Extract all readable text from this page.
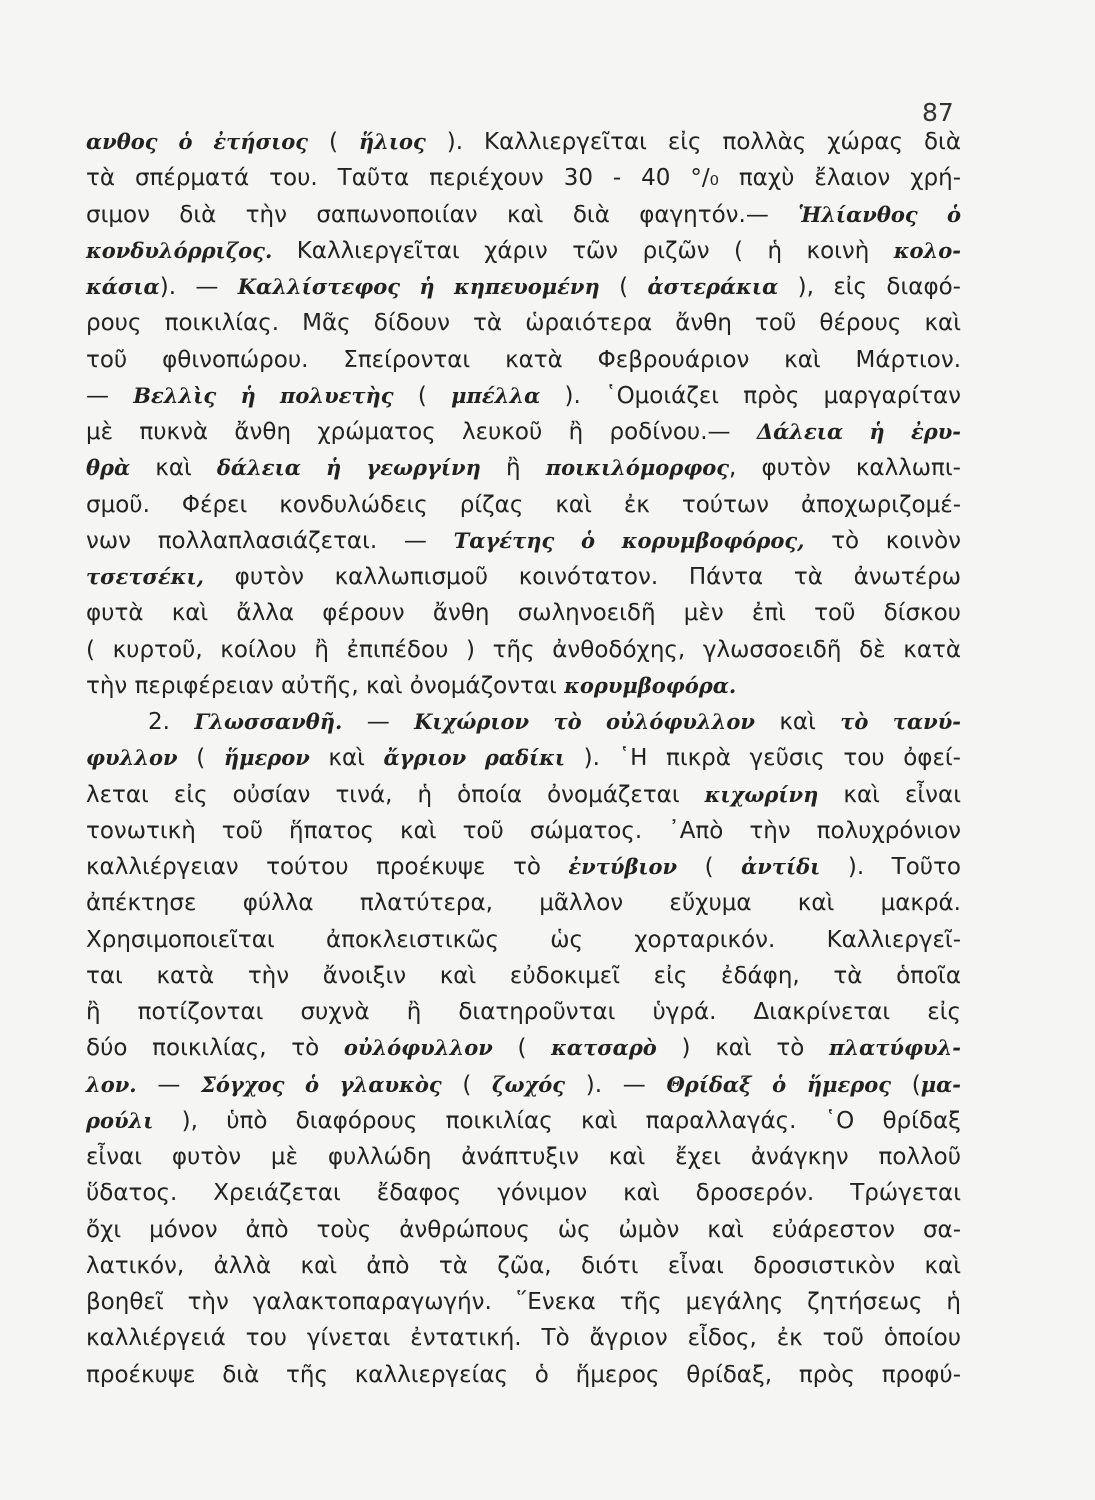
87
ανθος ὁ ἐτήσιος ( ἥλιος ). Καλλιεργεῖται εἰς πολλὰς χώρας διὰ
τὰ σπέρματά του. Ταῦτα περιέχουν 30 - 40 °/₀ παχὺ ἔλαιον χρή-
σιμον διὰ τὴν σαπωνοποιίαν καὶ διὰ φαγητόν.— Ἡλίανθος ὁ
κονδυλόρριζος. Καλλιεργεῖται χάριν τῶν ριζῶν ( ἡ κοινὴ κολο-
κάσια). — Καλλίστεφος ἡ κηπευομένη ( ἀστεράκια ), εἰς διαφό-
ρους ποικιλίας. Μᾶς δίδουν τὰ ὡραιότερα ἄνθη τοῦ θέρους καὶ
τοῦ φθινοπώρου. Σπείρονται κατὰ Φεβρουάριον καὶ Μάρτιον.
— Βελλὶς ἡ πολυετὴς ( μπέλλα ). ῾Ομοιάζει πρὸς μαργαρίταν
μὲ πυκνὰ ἄνθη χρώματος λευκοῦ ἢ ροδίνου.— Δάλεια ἡ ἐρυ-
θρὰ καὶ δάλεια ἡ γεωργίνη ἢ ποικιλόμορφος, φυτὸν καλλωπι-
σμοῦ. Φέρει κονδυλώδεις ρίζας καὶ ἐκ τούτων ἀποχωριζομέ-
νων πολλαπλασιάζεται. — Ταγέτης ὁ κορυμβοφόρος, τὸ κοινὸν
τσετσέκι, φυτὸν καλλωπισμοῦ κοινότατον. Πάντα τὰ ἀνωτέρω
φυτὰ καὶ ἄλλα φέρουν ἄνθη σωληνοειδῆ μὲν ἐπὶ τοῦ δίσκου
( κυρτοῦ, κοίλου ἢ ἐπιπέδου ) τῆς ἀνθοδόχης, γλωσσοειδῆ δὲ κατὰ
τὴν περιφέρειαν αὐτῆς, καὶ ὀνομάζονται κορυμβοφόρα.
2. Γλωσσανθῆ. — Κιχώριον τὸ οὐλόφυλλον καὶ τὸ τανύ-
φυλλον ( ἥμερον καὶ ἄγριον ραδίκι ). ῾Η πικρὰ γεῦσις του ὀφεί-
λεται εἰς οὐσίαν τινά, ἡ ὁποία ὀνομάζεται κιχωρίνη καὶ εἶναι
τονωτικὴ τοῦ ἥπατος καὶ τοῦ σώματος. ᾽Απὸ τὴν πολυχρόνιον
καλλιέργειαν τούτου προέκυψε τὸ ἐντύβιον ( ἀντίδι ). Τοῦτο
ἀπέκτησε φύλλα πλατύτερα, μᾶλλον εὔχυμα καὶ μακρά.
Χρησιμοποιεῖται ἀποκλειστικῶς ὡς χορταρικόν. Καλλιεργεῖ-
ται κατὰ τὴν ἄνοιξιν καὶ εὐδοκιμεῖ εἰς ἐδάφη, τὰ ὁποῖα
ἢ ποτίζονται συχνὰ ἢ διατηροῦνται ὑγρά. Διακρίνεται εἰς
δύο ποικιλίας, τὸ οὐλόφυλλον ( κατσαρὸ ) καὶ τὸ πλατύφυλ-
λον. — Σόγχος ὁ γλαυκὸς ( ζωχός ). — Θρίδαξ ὁ ἥμερος (μα-
ρούλι ), ὑπὸ διαφόρους ποικιλίας καὶ παραλλαγάς. ῾Ο θρίδαξ
εἶναι φυτὸν μὲ φυλλώδη ἀνάπτυξιν καὶ ἔχει ἀνάγκην πολλοῦ
ὕδατος. Χρειάζεται ἔδαφος γόνιμον καὶ δροσερόν. Τρώγεται
ὄχι μόνον ἀπὸ τοὺς ἀνθρώπους ὡς ὠμὸν καὶ εὐάρεστον σα-
λατικόν, ἀλλὰ καὶ ἀπὸ τὰ ζῶα, διότι εἶναι δροσιστικὸν καὶ
βοηθεῖ τὴν γαλακτοπαραγωγήν. ῞Ενεκα τῆς μεγάλης ζητήσεως ἡ
καλλιέργειά του γίνεται ἐντατική. Τὸ ἄγριον εἶδος, ἐκ τοῦ ὁποίου
προέκυψε διὰ τῆς καλλιεργείας ὁ ἥμερος θρίδαξ, πρὸς προφύ-
